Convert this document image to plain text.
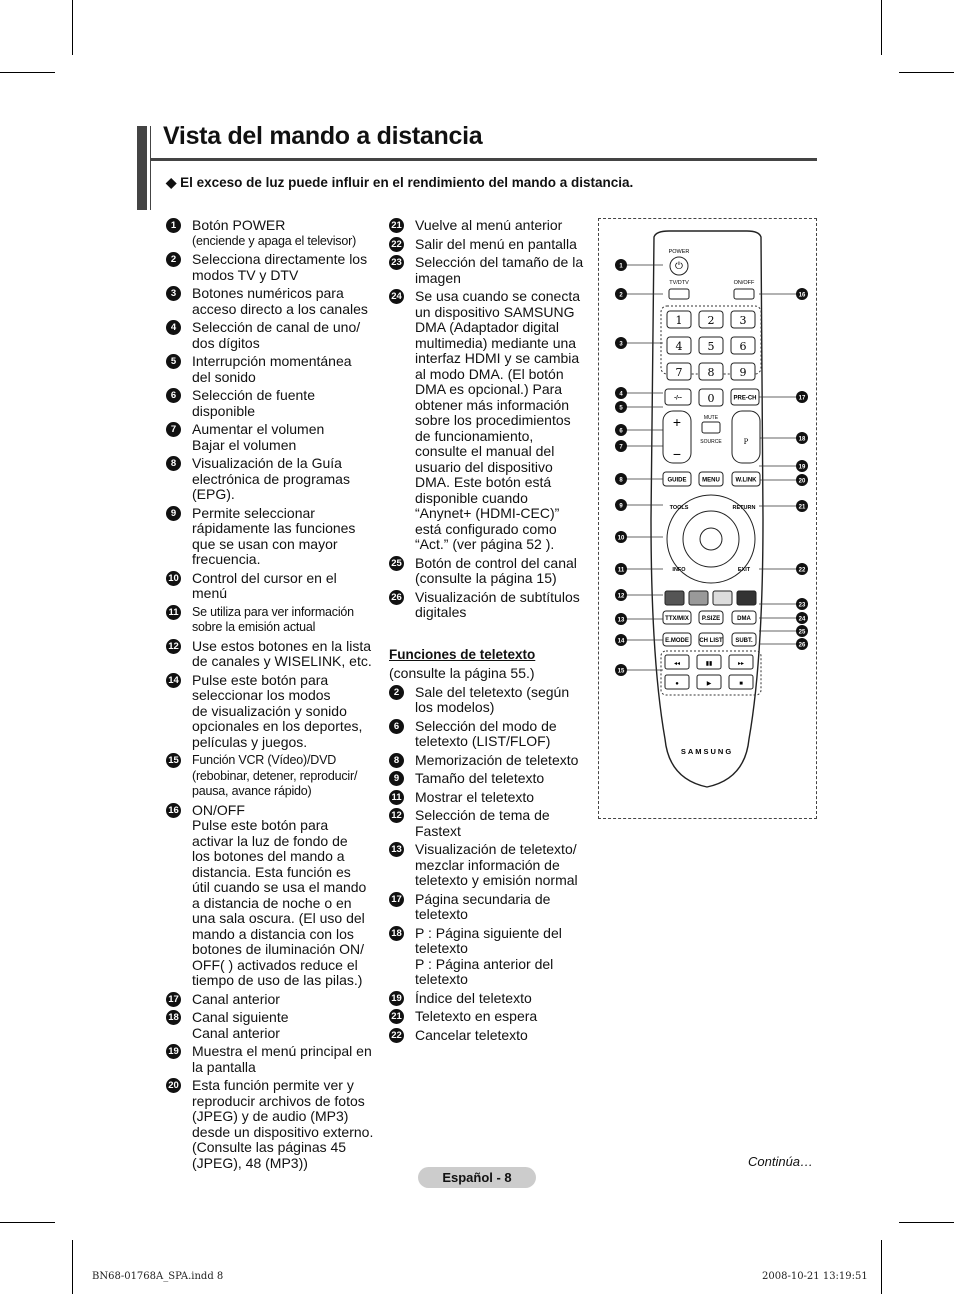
Vista del mando a distancia
◆ El exceso de luz puede influir en el rendimiento del mando a distancia.
1	Botón POWER
(enciende y apaga el televisor)
2	Selecciona directamente los
modos TV y DTV
3	Botones numéricos para
acceso directo a los canales
4	Selección de canal de uno/
dos dígitos
5	Interrupción momentánea
del sonido
6	Selección de fuente
disponible
7	Aumentar el volumen
Bajar el volumen
8	Visualización de la Guía
electrónica de programas
(EPG).
9	Permite seleccionar
rápidamente las funciones
que se usan con mayor
frecuencia.
10 Control del cursor en el
menú
11 Se utiliza para ver información
sobre la emisión actual
12 Use estos botones en la lista
de canales y WISELINK, etc.
14 Pulse este botón para
seleccionar los modos
de visualización y sonido
opcionales en los deportes,
películas y juegos.
15 Función VCR (Vídeo)/DVD
(rebobinar, detener, reproducir/
pausa, avance rápido)
16 ON/OFF
Pulse este botón para
activar la luz de fondo de
los botones del mando a
distancia. Esta función es
útil cuando se usa el mando
a distancia de noche o en
una sala oscura. (El uso del
mando a distancia con los
botones de iluminación ON/
OFF( ) activados reduce el
tiempo de uso de las pilas.)
17 Canal anterior
18 Canal siguiente
Canal anterior
19 Muestra el menú principal en
la pantalla
20 Esta función permite ver y
reproducir archivos de fotos
(JPEG) y de audio (MP3)
desde un dispositivo externo.
(Consulte las páginas 45
(JPEG), 48 (MP3))
21 Vuelve al menú anterior
22 Salir del menú en pantalla
23 Selección del tamaño de la
imagen
24 Se usa cuando se conecta
un dispositivo SAMSUNG
DMA (Adaptador digital
multimedia) mediante una
interfaz HDMI y se cambia
al modo DMA. (El botón
DMA es opcional.) Para
obtener más información
sobre los procedimientos
de funcionamiento,
consulte el manual del
usuario del dispositivo
DMA. Este botón está
disponible cuando
“Anynet+ (HDMI-CEC)”
está configurado como
“Act.” (ver página 52 ).
25 Botón de control del canal
(consulte la página 15)
26 Visualización de subtítulos
digitales
Funciones de teletexto
(consulte la página 55.)
2	Sale del teletexto (según
los modelos)
6	Selección del modo de
teletexto (LIST/FLOF)
8	Memorización de teletexto
9	Tamaño del teletexto
11 Mostrar el teletexto
12 Selección de tema de
Fastext
13 Visualización de teletexto/
mezclar información de
teletexto y emisión normal
17 Página secundaria de
teletexto
18 P : Página siguiente del
teletexto
P : Página anterior del
teletexto
19 Índice del teletexto
21 Teletexto en espera
22 Cancelar teletexto
POWER
⏻
TV/DTV	ON/OFF
1 2 3
4 5 6
7 8 9
SAMSUNG
1
2
3
4
5
6
7
8
9
10
11
12
13
14
15
16
17
18
19
20
21
22
23
24
25
26
-/-- 0	PRE-CH
+
−
MUTE
SOURCE	P
GUIDE	MENU	W.LINK
TOOLS	RETURN
INFO	EXIT
TTX/MIX P.SIZE	DMA
E.MODE CH LIST SUBT.
◂◂	▮▮	▸▸
●	▶	■
Continúa…
Español - 8
BN68-01768A_SPA.indd 8	2008-10-21 13:19:51
